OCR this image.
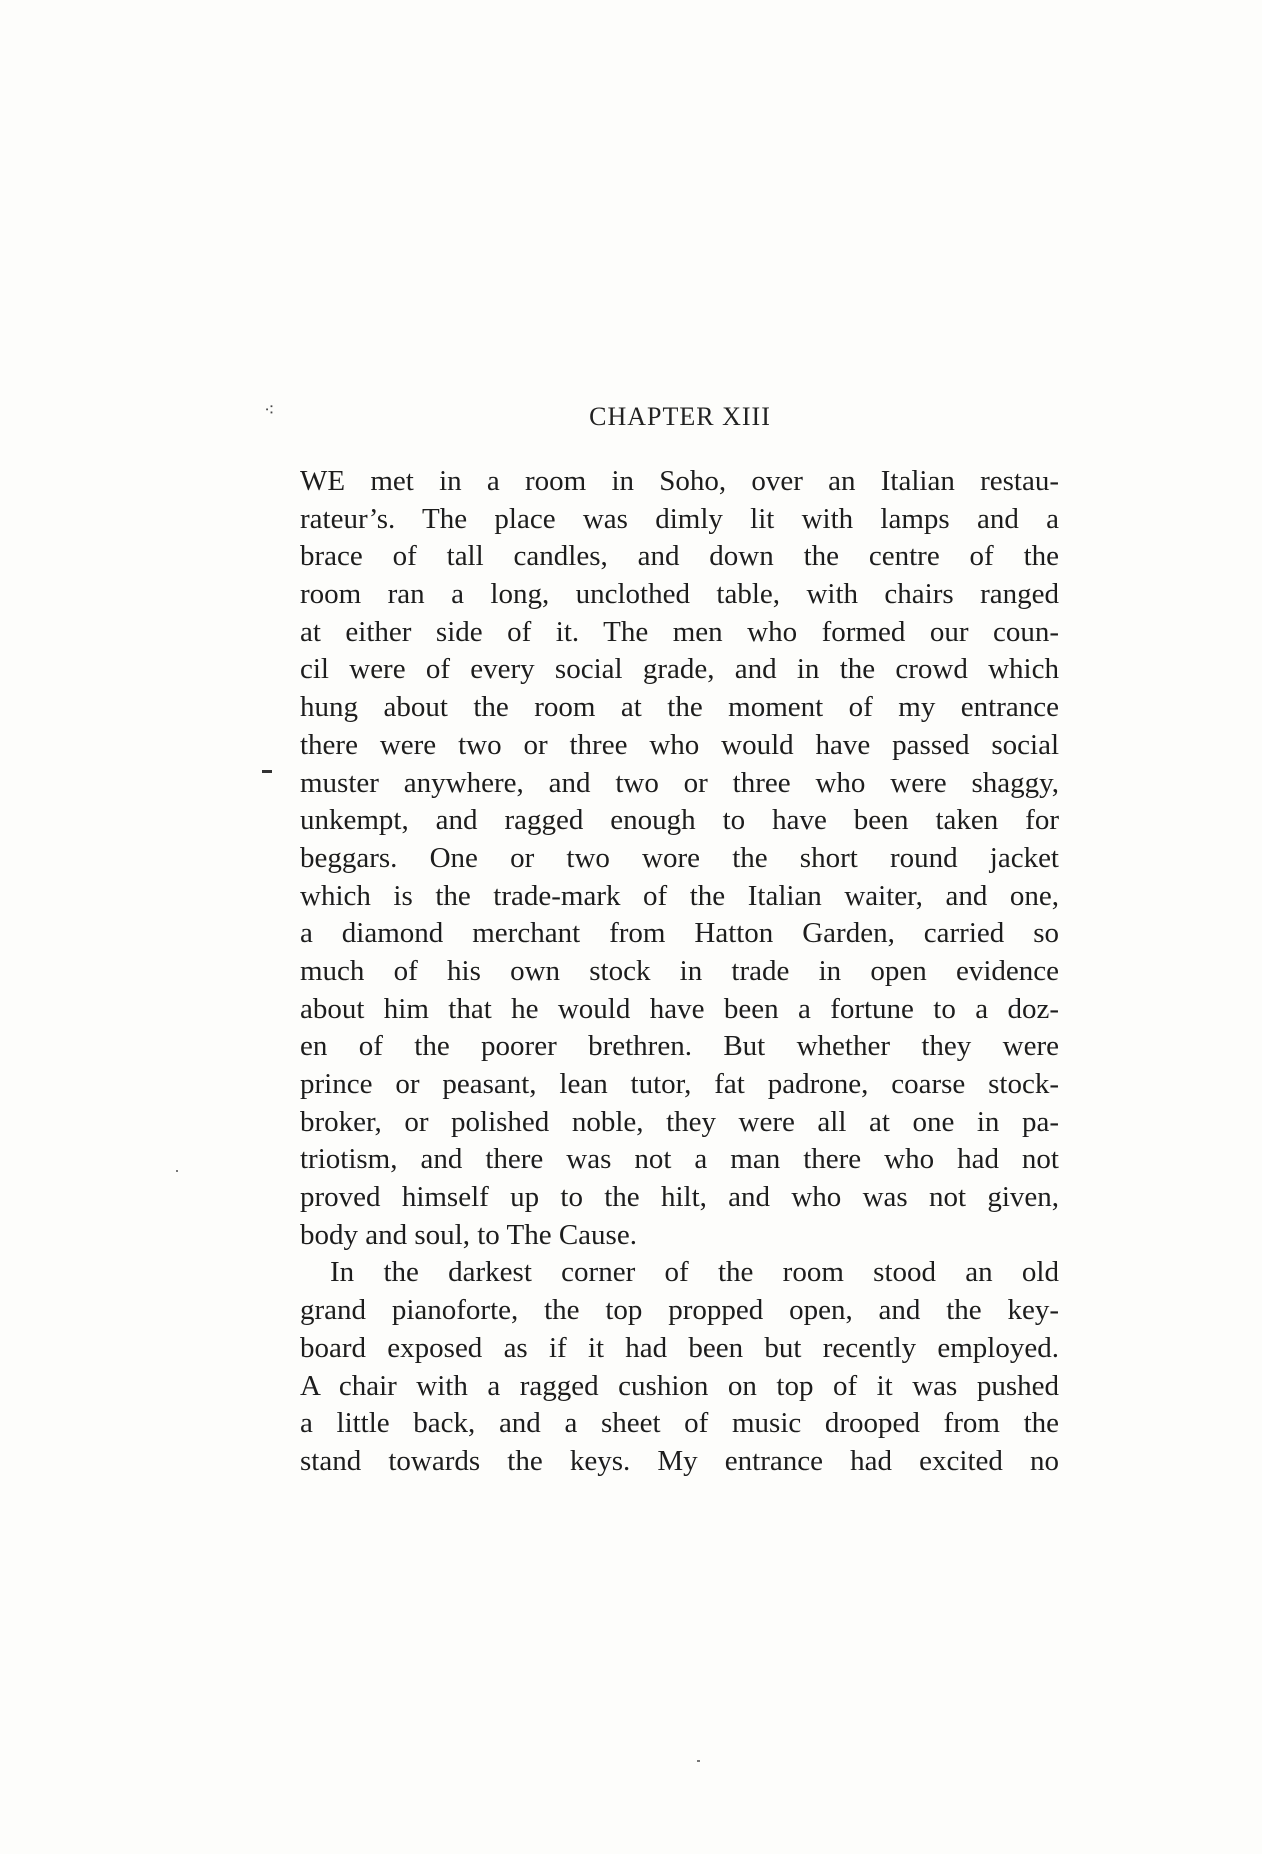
⁖	CHAPTER XIII
WE met in a room in Soho, over an Italian restau-
rateur’s. The place was dimly lit with lamps and a
brace of tall candles, and down the centre of the
room ran a long, unclothed table, with chairs ranged
at either side of it. The men who formed our coun-
cil were of every social grade, and in the crowd which
hung about the room at the moment of my entrance
there were two or three who would have passed social
muster anywhere, and two or three who were shaggy,
unkempt, and ragged enough to have been taken for
beggars. One or two wore the short round jacket
which is the trade-mark of the Italian waiter, and one,
a diamond merchant from Hatton Garden, carried so
much of his own stock in trade in open evidence
about him that he would have been a fortune to a doz-
en of the poorer brethren. But whether they were
prince or peasant, lean tutor, fat padrone, coarse stock-
broker, or polished noble, they were all at one in pa-
triotism, and there was not a man there who had not
proved himself up to the hilt, and who was not given,
body and soul, to The Cause.
In the darkest corner of the room stood an old
grand pianoforte, the top propped open, and the key-
board exposed as if it had been but recently employed.
A chair with a ragged cushion on top of it was pushed
a little back, and a sheet of music drooped from the
stand towards the keys. My entrance had excited no
